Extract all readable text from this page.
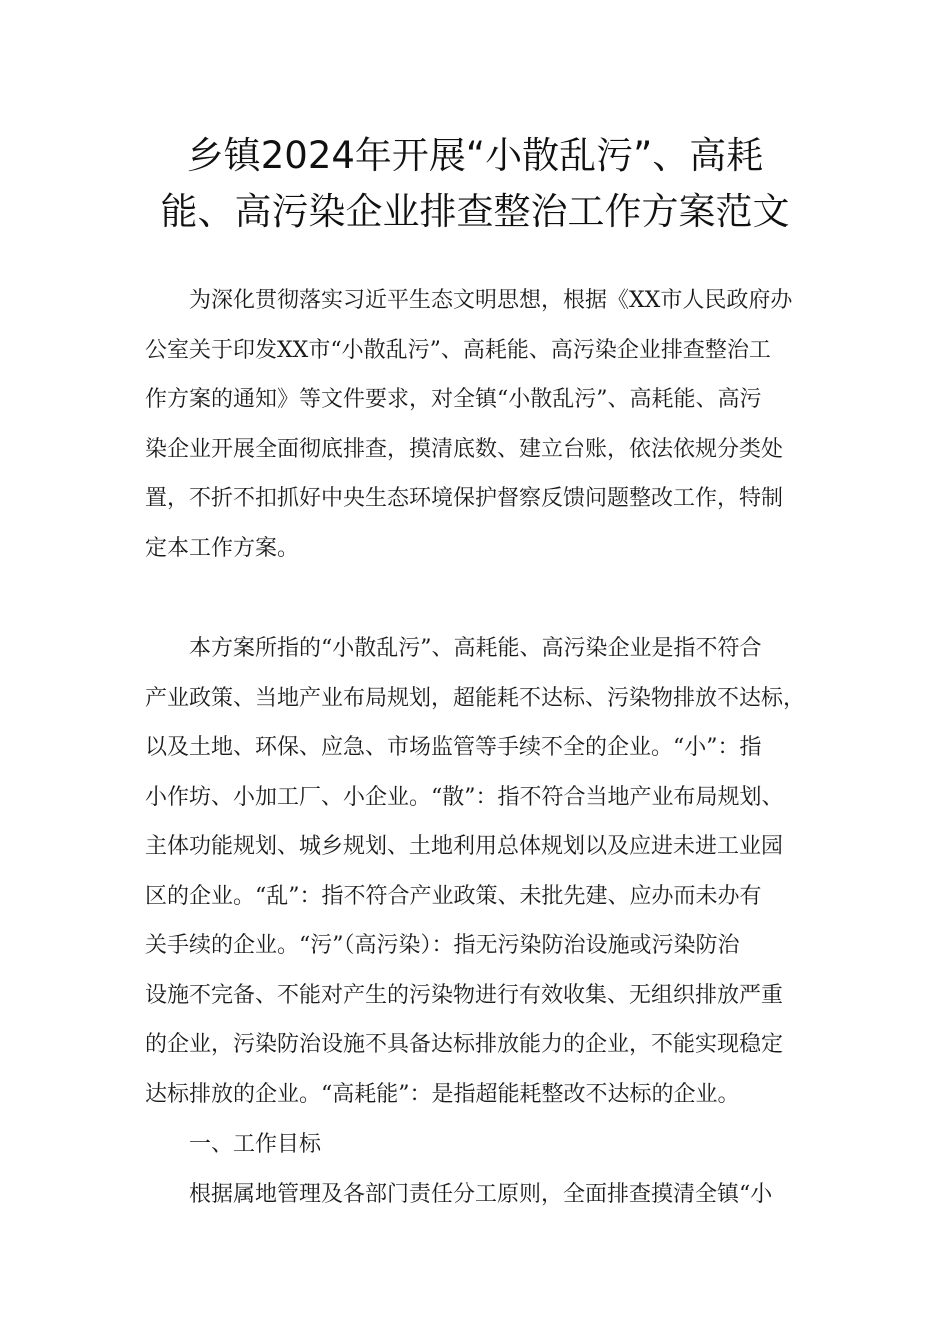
乡镇2024年开展“小散乱污”、高耗
能、高污染企业排查整治工作方案范文

为深化贯彻落实习近平生态文明思想，根据《XX市人民政府办
公室关于印发XX市“小散乱污”、高耗能、高污染企业排查整治工
作方案的通知》等文件要求，对全镇“小散乱污”、高耗能、高污
染企业开展全面彻底排查，摸清底数、建立台账，依法依规分类处
置，不折不扣抓好中央生态环境保护督察反馈问题整改工作，特制
定本工作方案。

本方案所指的“小散乱污”、高耗能、高污染企业是指不符合
产业政策、当地产业布局规划，超能耗不达标、污染物排放不达标，
以及土地、环保、应急、市场监管等手续不全的企业。“小”：指
小作坊、小加工厂、小企业。“散”：指不符合当地产业布局规划、
主体功能规划、城乡规划、土地利用总体规划以及应进未进工业园
区的企业。“乱”：指不符合产业政策、未批先建、应办而未办有
关手续的企业。“污”（高污染）：指无污染防治设施或污染防治
设施不完备、不能对产生的污染物进行有效收集、无组织排放严重
的企业，污染防治设施不具备达标排放能力的企业，不能实现稳定
达标排放的企业。“高耗能”：是指超能耗整改不达标的企业。

一、工作目标

根据属地管理及各部门责任分工原则，全面排查摸清全镇“小
